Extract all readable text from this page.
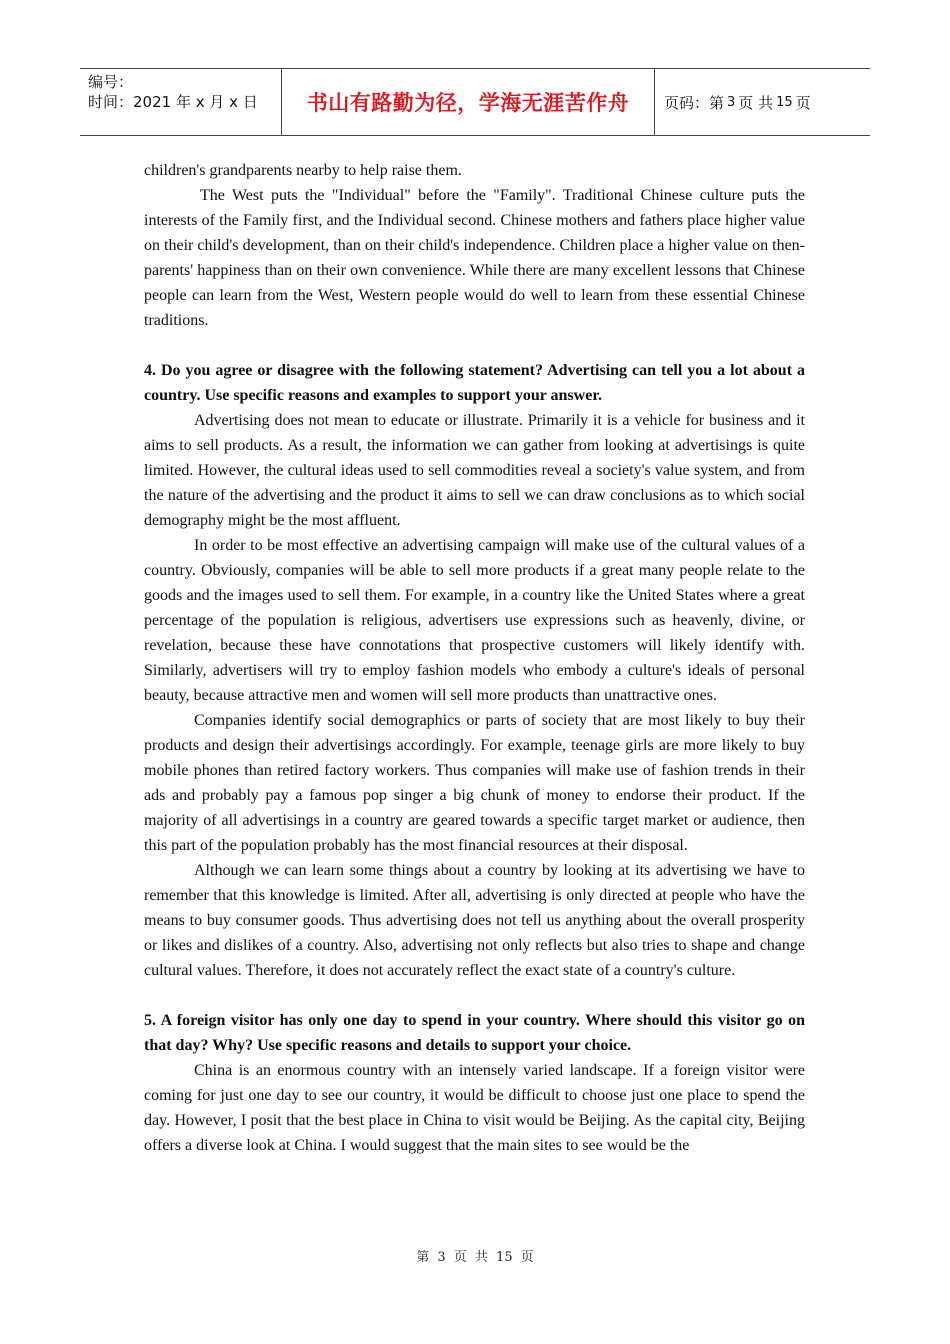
编号：
时间：2021 年 x 月 x 日	书山有路勤为径，学海无涯苦作舟	页码：第 3 页 共 15 页

children's grandparents nearby to help raise them.

The West puts the "Individual" before the "Family". Traditional Chinese culture puts the interests of the Family first, and the Individual second. Chinese mothers and fathers place higher value on their child's development, than on their child's independence. Children place a higher value on then-parents' happiness than on their own convenience. While there are many excellent lessons that Chinese people can learn from the West, Western people would do well to learn from these essential Chinese traditions.

4. Do you agree or disagree with the following statement? Advertising can tell you a lot about a country. Use specific reasons and examples to support your answer.

Advertising does not mean to educate or illustrate. Primarily it is a vehicle for business and it aims to sell products. As a result, the information we can gather from looking at advertisings is quite limited. However, the cultural ideas used to sell commodities reveal a society's value system, and from the nature of the advertising and the product it aims to sell we can draw conclusions as to which social demography might be the most affluent.

In order to be most effective an advertising campaign will make use of the cultural values of a country. Obviously, companies will be able to sell more products if a great many people relate to the goods and the images used to sell them. For example, in a country like the United States where a great percentage of the population is religious, advertisers use expressions such as heavenly, divine, or revelation, because these have connotations that prospective customers will likely identify with. Similarly, advertisers will try to employ fashion models who embody a culture's ideals of personal beauty, because attractive men and women will sell more products than unattractive ones.

Companies identify social demographics or parts of society that are most likely to buy their products and design their advertisings accordingly. For example, teenage girls are more likely to buy mobile phones than retired factory workers. Thus companies will make use of fashion trends in their ads and probably pay a famous pop singer a big chunk of money to endorse their product. If the majority of all advertisings in a country are geared towards a specific target market or audience, then this part of the population probably has the most financial resources at their disposal.

Although we can learn some things about a country by looking at its advertising we have to remember that this knowledge is limited. After all, advertising is only directed at people who have the means to buy consumer goods. Thus advertising does not tell us anything about the overall prosperity or likes and dislikes of a country. Also, advertising not only reflects but also tries to shape and change cultural values. Therefore, it does not accurately reflect the exact state of a country's culture.

5. A foreign visitor has only one day to spend in your country. Where should this visitor go on that day? Why? Use specific reasons and details to support your choice.

China is an enormous country with an intensely varied landscape. If a foreign visitor were coming for just one day to see our country, it would be difficult to choose just one place to spend the day. However, I posit that the best place in China to visit would be Beijing. As the capital city, Beijing offers a diverse look at China. I would suggest that the main sites to see would be the

第 3 页 共 15 页
